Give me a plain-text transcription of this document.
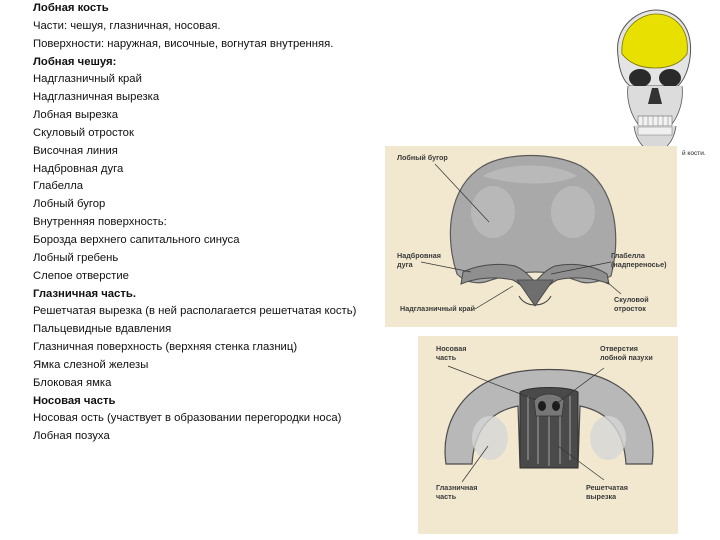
Лобная кость
Части: чешуя, глазничная, носовая.
Поверхности: наружная, височные, вогнутая внутренняя.
Лобная чешуя:
Надглазничный край
Надглазничная вырезка
Лобная вырезка
Скуловый отросток
Височная линия
Надбровная дуга
Глабелла
Лобный бугор
Внутренняя поверхность:
Борозда верхнего сапитального синуса
Лобный гребень
Слепое отверстие
Глазничная часть.
Решетчатая вырезка (в ней располагается решетчатая кость)
Пальцевидные вдавления
Глазничная поверхность (верхняя стенка глазниц)
Ямка слезной железы
Блоковая ямка
Носовая часть
Носовая ость (участвует в образовании перегородки носа)
Лобная позуха
й кости.
Лобный бугор
Надбровная
дуга
Глабелла
(надпереносье)
Надглазничный край
Скуловой
отросток
Носовая
часть
Отверстия
лобной пазухи
Глазничная
часть
Решетчатая
вырезка
